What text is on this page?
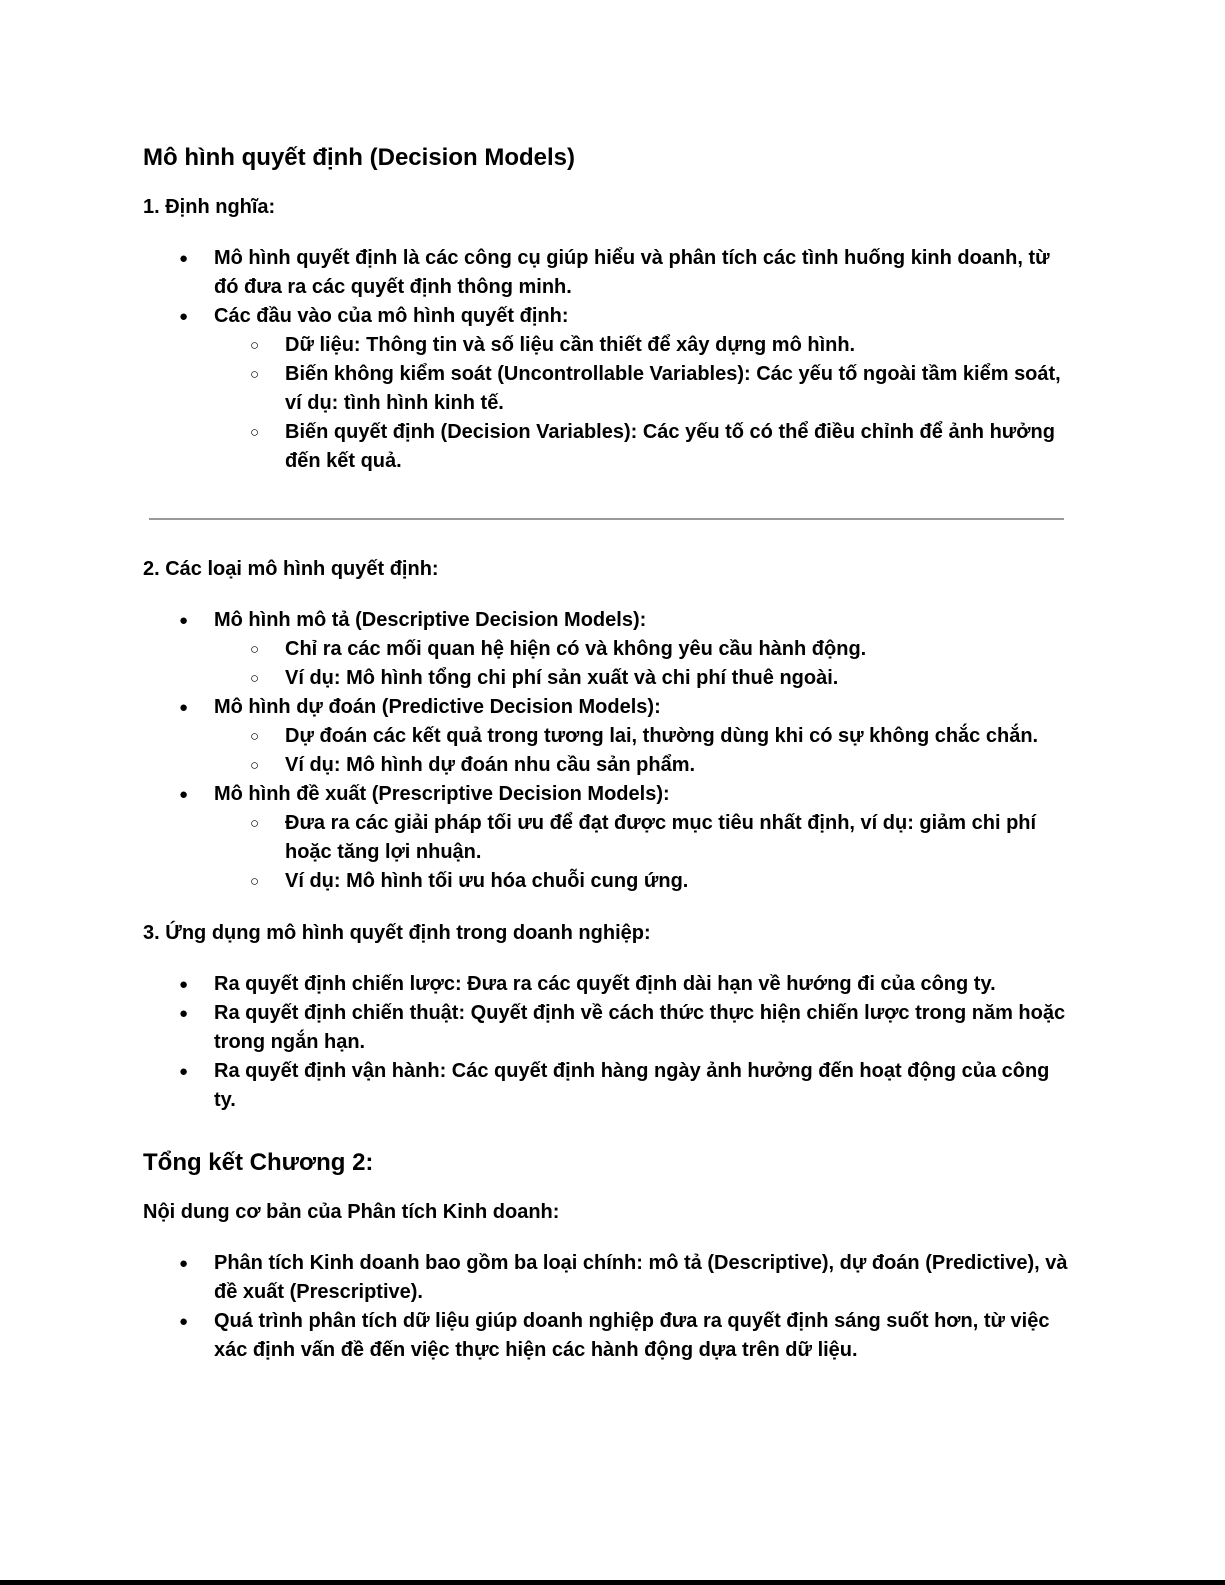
Mô hình quyết định (Decision Models)
1. Định nghĩa:
● Mô hình quyết định là các công cụ giúp hiểu và phân tích các tình huống kinh doanh, từ đó đưa ra các quyết định thông minh.
● Các đầu vào của mô hình quyết định:
○ Dữ liệu: Thông tin và số liệu cần thiết để xây dựng mô hình.
○ Biến không kiểm soát (Uncontrollable Variables): Các yếu tố ngoài tầm kiểm soát, ví dụ: tình hình kinh tế.
○ Biến quyết định (Decision Variables): Các yếu tố có thể điều chỉnh để ảnh hưởng đến kết quả.
2. Các loại mô hình quyết định:
● Mô hình mô tả (Descriptive Decision Models):
○ Chỉ ra các mối quan hệ hiện có và không yêu cầu hành động.
○ Ví dụ: Mô hình tổng chi phí sản xuất và chi phí thuê ngoài.
● Mô hình dự đoán (Predictive Decision Models):
○ Dự đoán các kết quả trong tương lai, thường dùng khi có sự không chắc chắn.
○ Ví dụ: Mô hình dự đoán nhu cầu sản phẩm.
● Mô hình đề xuất (Prescriptive Decision Models):
○ Đưa ra các giải pháp tối ưu để đạt được mục tiêu nhất định, ví dụ: giảm chi phí hoặc tăng lợi nhuận.
○ Ví dụ: Mô hình tối ưu hóa chuỗi cung ứng.
3. Ứng dụng mô hình quyết định trong doanh nghiệp:
● Ra quyết định chiến lược: Đưa ra các quyết định dài hạn về hướng đi của công ty.
● Ra quyết định chiến thuật: Quyết định về cách thức thực hiện chiến lược trong năm hoặc trong ngắn hạn.
● Ra quyết định vận hành: Các quyết định hàng ngày ảnh hưởng đến hoạt động của công ty.
Tổng kết Chương 2:
Nội dung cơ bản của Phân tích Kinh doanh:
● Phân tích Kinh doanh bao gồm ba loại chính: mô tả (Descriptive), dự đoán (Predictive), và đề xuất (Prescriptive).
● Quá trình phân tích dữ liệu giúp doanh nghiệp đưa ra quyết định sáng suốt hơn, từ việc xác định vấn đề đến việc thực hiện các hành động dựa trên dữ liệu.
